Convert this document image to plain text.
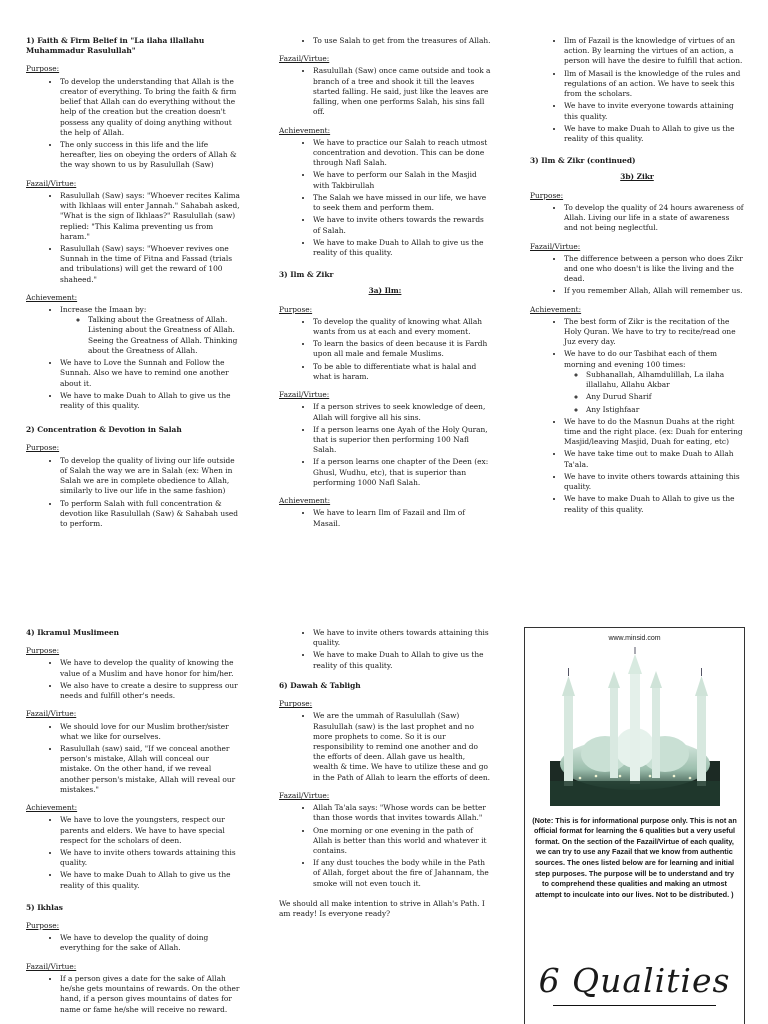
1) Faith & Firm Belief in "La ilaha illallahu Muhammadur Rasulullah"

Purpose:

• To develop the understanding that Allah is the creator of everything. To bring the faith & firm belief that Allah can do everything without the help of the creation but the creation doesn't possess any quality of doing anything without the help of Allah.
• The only success in this life and the life hereafter, lies on obeying the orders of Allah & the way shown to us by Rasulullah (Saw)

Fazail/Virtue:

• Rasulullah (Saw) says: "Whoever recites Kalima with Ikhlaas will enter Jannah." Sahabah asked, "What is the sign of Ikhlaas?" Rasulullah (saw) replied: "This Kalima preventing us from haram."
• Rasulullah (Saw) says: "Whoever revives one Sunnah in the time of Fitna and Fassad (trials and tribulations) will get the reward of 100 shaheed."

Achievement:

• Increase the Imaan by:
◦ Talking about the Greatness of Allah. Listening about the Greatness of Allah. Seeing the Greatness of Allah. Thinking about the Greatness of Allah.
• We have to Love the Sunnah and Follow the Sunnah. Also we have to remind one another about it.
• We have to make Duah to Allah to give us the reality of this quality.

2) Concentration & Devotion in Salah

Purpose:

• To develop the quality of living our life outside of Salah the way we are in Salah (ex: When in Salah we are in complete obedience to Allah, similarly to live our life in the same fashion)
• To perform Salah with full concentration & devotion like Rasulullah (Saw) & Sahabah used to perform.
• To use Salah to get from the treasures of Allah.

Fazail/Virtue:

• Rasulullah (Saw) once came outside and took a branch of a tree and shook it till the leaves started falling. He said, just like the leaves are falling, when one performs Salah, his sins fall off.

Achievement:

• We have to practice our Salah to reach utmost concentration and devotion. This can be done through Nafl Salah.
• We have to perform our Salah in the Masjid with Takbirullah
• The Salah we have missed in our life, we have to seek them and perform them.
• We have to invite others towards the rewards of Salah.
• We have to make Duah to Allah to give us the reality of this quality.

3) Ilm & Zikr

3a) Ilm:

Purpose:

• To develop the quality of knowing what Allah wants from us at each and every moment.
• To learn the basics of deen because it is Fardh upon all male and female Muslims.
• To be able to differentiate what is halal and what is haram.

Fazail/Virtue:

• If a person strives to seek knowledge of deen, Allah will forgive all his sins.
• If a person learns one Ayah of the Holy Quran, that is superior then performing 100 Nafl Salah.
• If a person learns one chapter of the Deen (ex: Ghusl, Wudhu, etc), that is superior than performing 1000 Nafl Salah.

Achievement:

• We have to learn Ilm of Fazail and Ilm of Masail.
• Ilm of Fazail is the knowledge of virtues of an action. By learning the virtues of an action, a person will have the desire to fulfill that action.
• Ilm of Masail is the knowledge of the rules and regulations of an action. We have to seek this from the scholars.
• We have to invite everyone towards attaining this quality.
• We have to make Duah to Allah to give us the reality of this quality.

3) Ilm & Zikr (continued)

3b) Zikr

Purpose:

• To develop the quality of 24 hours awareness of Allah. Living our life in a state of awareness and not being neglectful.

Fazail/Virtue:

• The difference between a person who does Zikr and one who doesn't is like the living and the dead.
• If you remember Allah, Allah will remember us.

Achievement:

• The best form of Zikr is the recitation of the Holy Quran. We have to try to recite/read one Juz every day.
• We have to do our Tasbihat each of them morning and evening 100 times:
◦ Subhanallah, Alhamdulillah, La ilaha illallahu, Allahu Akbar
◦ Any Durud Sharif
◦ Any Istighfaar
• We have to do the Masnun Duahs at the right time and the right place. (ex: Duah for entering Masjid/leaving Masjid, Duah for eating, etc)
• We have take time out to make Duah to Allah Ta'ala.
• We have to invite others towards attaining this quality.
• We have to make Duah to Allah to give us the reality of this quality.

4) Ikramul Muslimeen

Purpose:

• We have to develop the quality of knowing the value of a Muslim and have honor for him/her.
• We also have to create a desire to suppress our needs and fulfill other's needs.

Fazail/Virtue:

• We should love for our Muslim brother/sister what we like for ourselves.
• Rasulullah (saw) said, "If we conceal another person's mistake, Allah will conceal our mistake. On the other hand, if we reveal another person's mistake, Allah will reveal our mistakes."

Achievement:

• We have to love the youngsters, respect our parents and elders. We have to have special respect for the scholars of deen.
• We have to invite others towards attaining this quality.
• We have to make Duah to Allah to give us the reality of this quality.

5) Ikhlas

Purpose:

• We have to develop the quality of doing everything for the sake of Allah.

Fazail/Virtue:

• If a person gives a date for the sake of Allah he/she gets mountains of rewards. On the other hand, if a person gives mountains of dates for name or fame he/she will receive no reward.
• We have to invite others towards attaining this quality.
• We have to make Duah to Allah to give us the reality of this quality.

6) Dawah & Tabligh

Purpose:

• We are the ummah of Rasulullah (Saw) Rasulullah (saw) is the last prophet and no more prophets to come. So it is our responsibility to remind one another and do the efforts of deen. Allah gave us health, wealth & time. We have to utilize these and go in the Path of Allah to learn the efforts of deen.

Fazail/Virtue:

• Allah Ta'ala says: "Whose words can be better than those words that invites towards Allah."
• One morning or one evening in the path of Allah is better than this world and whatever it contains.
• If any dust touches the body while in the Path of Allah, forget about the fire of Jahannam, the smoke will not even touch it.

We should all make intention to strive in Allah's Path. I am ready! Is everyone ready?

www.minsid.com

(Note: This is for informational purpose only. This is not an official format for learning the 6 qualities but a very useful format. On the section of the Fazail/Virtue of each quality, we can try to use any Fazail that we know from authentic sources. The ones listed below are for learning and initial step purposes. The purpose will be to understand and try to comprehend these qualities and making an utmost attempt to inculcate into our lives. Not to be distributed. )

6 Qualities
